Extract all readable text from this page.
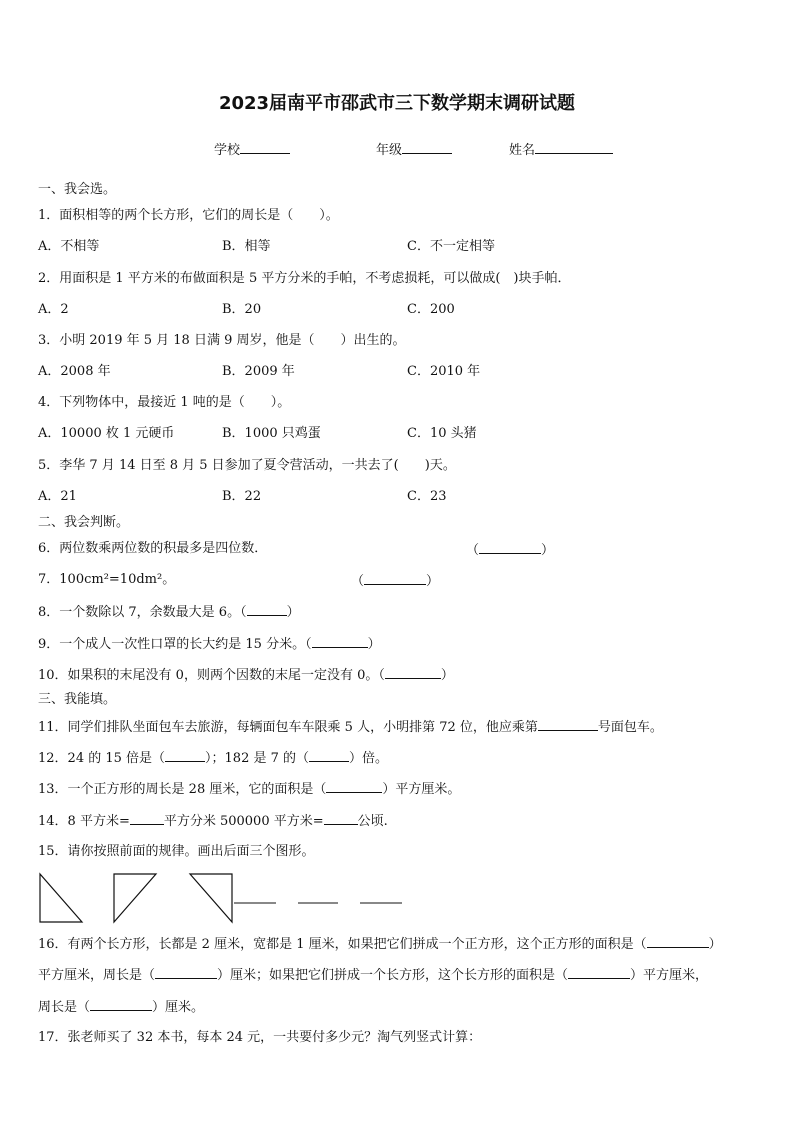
2023届南平市邵武市三下数学期末调研试题
学校	年级	姓名
一、我会选。
1．面积相等的两个长方形，它们的周长是（　　）。
A．不相等	B．相等	C．不一定相等
2．用面积是 1 平方米的布做面积是 5 平方分米的手帕，不考虑损耗，可以做成(　)块手帕．
A．2	B．20	C．200
3．小明 2019 年 5 月 18 日满 9 周岁，他是（　　）出生的。
A．2008 年	B．2009 年	C．2010 年
4．下列物体中，最接近 1 吨的是（　　）。
A．10000 枚 1 元硬币	B．1000 只鸡蛋	C．10 头猪
5．李华 7 月 14 日至 8 月 5 日参加了夏令营活动，一共去了(　　)天。
A．21	B．22	C．23
二、我会判断。
6．两位数乘两位数的积最多是四位数．	（	）
7．100cm²=10dm²。	（	）
8．一个数除以 7，余数最大是 6。（	）
9．一个成人一次性口罩的长大约是 15 分米。（	）
10．如果积的末尾没有 0，则两个因数的末尾一定没有 0。（	）
三、我能填。
11．同学们排队坐面包车去旅游，每辆面包车车限乘 5 人，小明排第 72 位，他应乘第	号面包车。
12．24 的 15 倍是（	）；182 是 7 的（	）倍。
13．一个正方形的周长是 28 厘米，它的面积是（	）平方厘米。
14．8 平方米=	平方分米 500000 平方米=	公顷.
15．请你按照前面的规律。画出后面三个图形。
16．有两个长方形，长都是 2 厘米，宽都是 1 厘米，如果把它们拼成一个正方形，这个正方形的面积是（	）
平方厘米，周长是（	）厘米；如果把它们拼成一个长方形，这个长方形的面积是（	）平方厘米，
周长是（	）厘米。
17．张老师买了 32 本书，每本 24 元，一共要付多少元？淘气列竖式计算：
